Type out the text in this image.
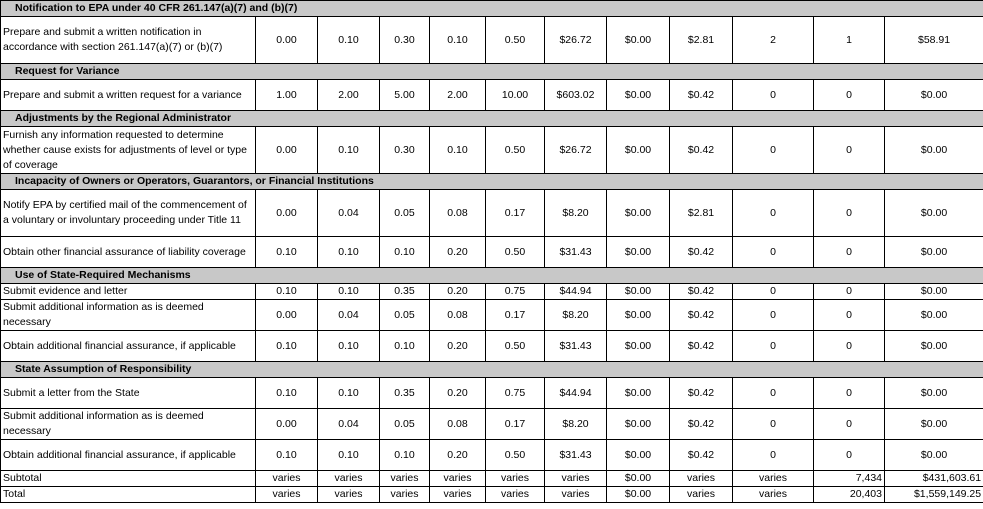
Notification to EPA under 40 CFR 261.147(a)(7) and (b)(7)											
Prepare and submit a written notification in accordance with section 261.147(a)(7) or (b)(7)	0.00	0.10	0.30	0.10	0.50	$26.72	$0.00	$2.81	2	1	$58.91
Request for Variance											
Prepare and submit a written request for a variance	1.00	2.00	5.00	2.00	10.00	$603.02	$0.00	$0.42	0	0	$0.00
Adjustments by the Regional Administrator											
Furnish any information requested to determine whether cause exists for adjustments of level or type of coverage	0.00	0.10	0.30	0.10	0.50	$26.72	$0.00	$0.42	0	0	$0.00
Incapacity of Owners or Operators, Guarantors, or Financial Institutions											
Notify EPA by certified mail of the commencement of a voluntary or involuntary proceeding under Title 11	0.00	0.04	0.05	0.08	0.17	$8.20	$0.00	$2.81	0	0	$0.00
Obtain other financial assurance of liability coverage	0.10	0.10	0.10	0.20	0.50	$31.43	$0.00	$0.42	0	0	$0.00
Use of State-Required Mechanisms											
Submit evidence and letter	0.10	0.10	0.35	0.20	0.75	$44.94	$0.00	$0.42	0	0	$0.00
Submit additional information as is deemed necessary	0.00	0.04	0.05	0.08	0.17	$8.20	$0.00	$0.42	0	0	$0.00
Obtain additional financial assurance, if applicable	0.10	0.10	0.10	0.20	0.50	$31.43	$0.00	$0.42	0	0	$0.00
State Assumption of Responsibility											
Submit a letter from the State	0.10	0.10	0.35	0.20	0.75	$44.94	$0.00	$0.42	0	0	$0.00
Submit additional information as is deemed necessary	0.00	0.04	0.05	0.08	0.17	$8.20	$0.00	$0.42	0	0	$0.00
Obtain additional financial assurance, if applicable	0.10	0.10	0.10	0.20	0.50	$31.43	$0.00	$0.42	0	0	$0.00
Subtotal	varies	varies	varies	varies	varies	varies	$0.00	varies	varies	7,434	$431,603.61
Total	varies	varies	varies	varies	varies	varies	$0.00	varies	varies	20,403	$1,559,149.25
